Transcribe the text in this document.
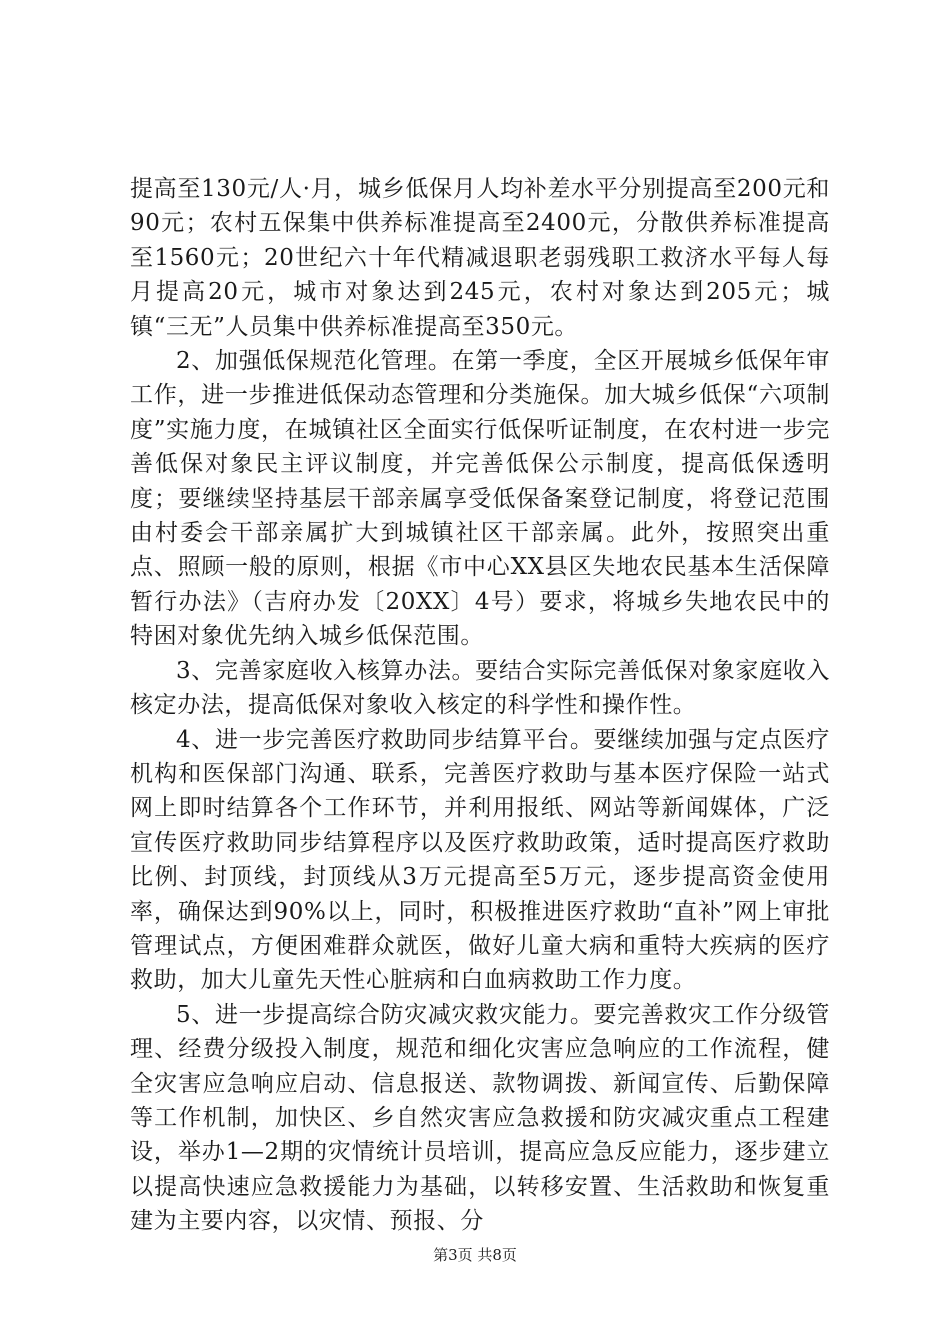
提高至130元/人·月，城乡低保月人均补差水平分别提高至200元和90元；农村五保集中供养标准提高至2400元，分散供养标准提高至1560元；20世纪六十年代精减退职老弱残职工救济水平每人每月提高20元，城市对象达到245元，农村对象达到205元；城镇“三无”人员集中供养标准提高至350元。

2、加强低保规范化管理。在第一季度，全区开展城乡低保年审工作，进一步推进低保动态管理和分类施保。加大城乡低保“六项制度”实施力度，在城镇社区全面实行低保听证制度，在农村进一步完善低保对象民主评议制度，并完善低保公示制度，提高低保透明度；要继续坚持基层干部亲属享受低保备案登记制度，将登记范围由村委会干部亲属扩大到城镇社区干部亲属。此外，按照突出重点、照顾一般的原则，根据《市中心XX县区失地农民基本生活保障暂行办法》（吉府办发〔20XX〕4号）要求，将城乡失地农民中的特困对象优先纳入城乡低保范围。

3、完善家庭收入核算办法。要结合实际完善低保对象家庭收入核定办法，提高低保对象收入核定的科学性和操作性。

4、进一步完善医疗救助同步结算平台。要继续加强与定点医疗机构和医保部门沟通、联系，完善医疗救助与基本医疗保险一站式网上即时结算各个工作环节，并利用报纸、网站等新闻媒体，广泛宣传医疗救助同步结算程序以及医疗救助政策，适时提高医疗救助比例、封顶线，封顶线从3万元提高至5万元，逐步提高资金使用率，确保达到90%以上，同时，积极推进医疗救助“直补”网上审批管理试点，方便困难群众就医，做好儿童大病和重特大疾病的医疗救助，加大儿童先天性心脏病和白血病救助工作力度。

5、进一步提高综合防灾减灾救灾能力。要完善救灾工作分级管理、经费分级投入制度，规范和细化灾害应急响应的工作流程，健全灾害应急响应启动、信息报送、款物调拨、新闻宣传、后勤保障等工作机制，加快区、乡自然灾害应急救援和防灾减灾重点工程建设，举办1—2期的灾情统计员培训，提高应急反应能力，逐步建立以提高快速应急救援能力为基础，以转移安置、生活救助和恢复重建为主要内容，以灾情、预报、分

第3页 共8页
